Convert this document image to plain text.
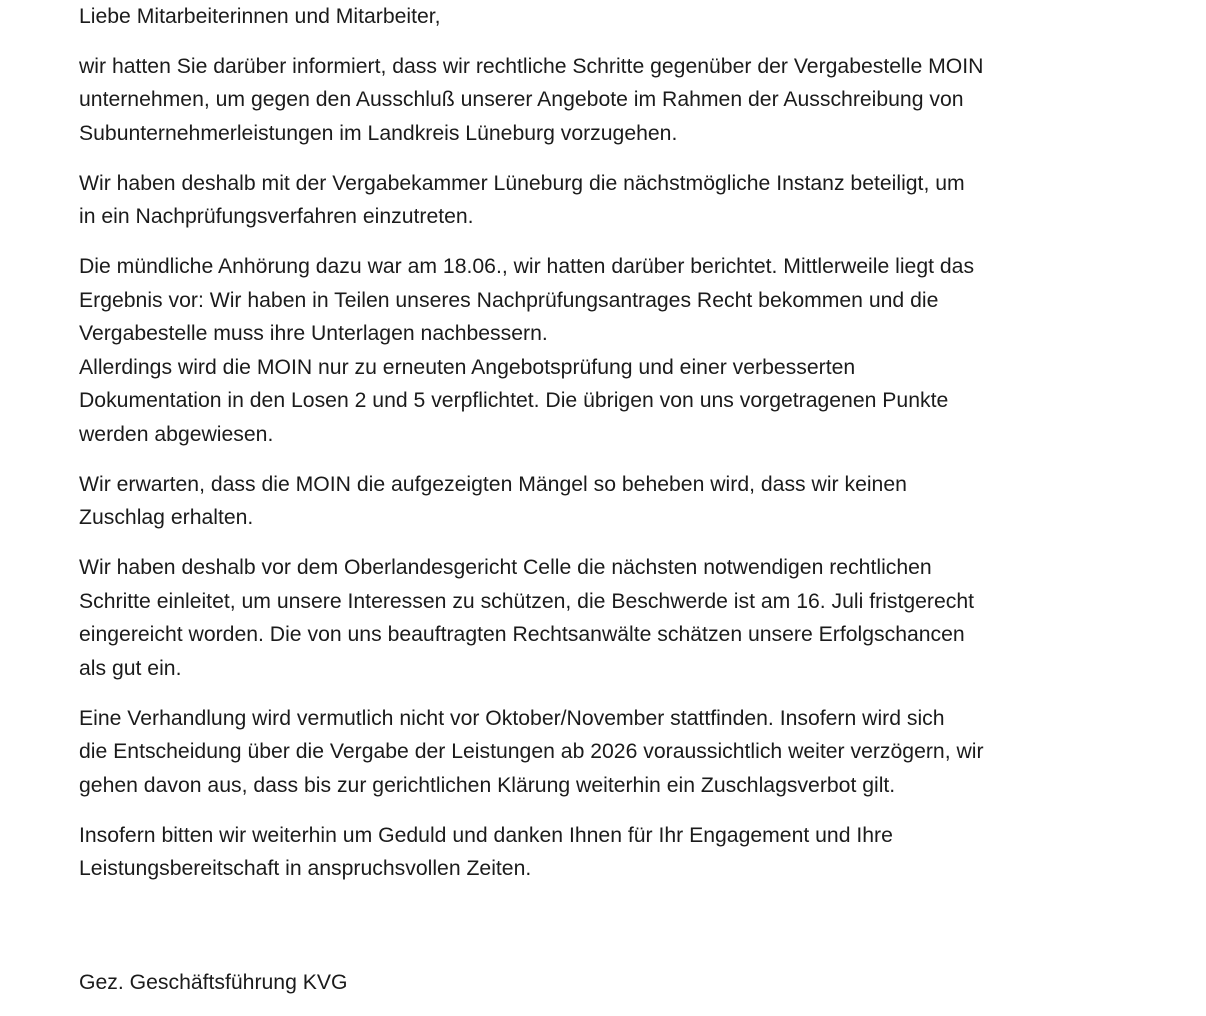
Liebe Mitarbeiterinnen und Mitarbeiter,

wir hatten Sie darüber informiert, dass wir rechtliche Schritte gegenüber der Vergabestelle MOIN
unternehmen, um gegen den Ausschluß unserer Angebote im Rahmen der Ausschreibung von
Subunternehmerleistungen im Landkreis Lüneburg vorzugehen.
Wir haben deshalb mit der Vergabekammer Lüneburg die nächstmögliche Instanz beteiligt, um
in ein Nachprüfungsverfahren einzutreten.
Die mündliche Anhörung dazu war am 18.06., wir hatten darüber berichtet. Mittlerweile liegt das
Ergebnis vor: Wir haben in Teilen unseres Nachprüfungsantrages Recht bekommen und die
Vergabestelle muss ihre Unterlagen nachbessern.
Allerdings wird die MOIN nur zu erneuten Angebotsprüfung und einer verbesserten
Dokumentation in den Losen 2 und 5 verpflichtet. Die übrigen von uns vorgetragenen Punkte
werden abgewiesen.
Wir erwarten, dass die MOIN die aufgezeigten Mängel so beheben wird, dass wir keinen
Zuschlag erhalten.
Wir haben deshalb vor dem Oberlandesgericht Celle die nächsten notwendigen rechtlichen
Schritte einleitet, um unsere Interessen zu schützen, die Beschwerde ist am 16. Juli fristgerecht
eingereicht worden. Die von uns beauftragten Rechtsanwälte schätzen unsere Erfolgschancen
als gut ein.
Eine Verhandlung wird vermutlich nicht vor Oktober/November stattfinden. Insofern wird sich
die Entscheidung über die Vergabe der Leistungen ab 2026 voraussichtlich weiter verzögern, wir
gehen davon aus, dass bis zur gerichtlichen Klärung weiterhin ein Zuschlagsverbot gilt.
Insofern bitten wir weiterhin um Geduld und danken Ihnen für Ihr Engagement und Ihre
Leistungsbereitschaft in anspruchsvollen Zeiten.
Gez. Geschäftsführung KVG
